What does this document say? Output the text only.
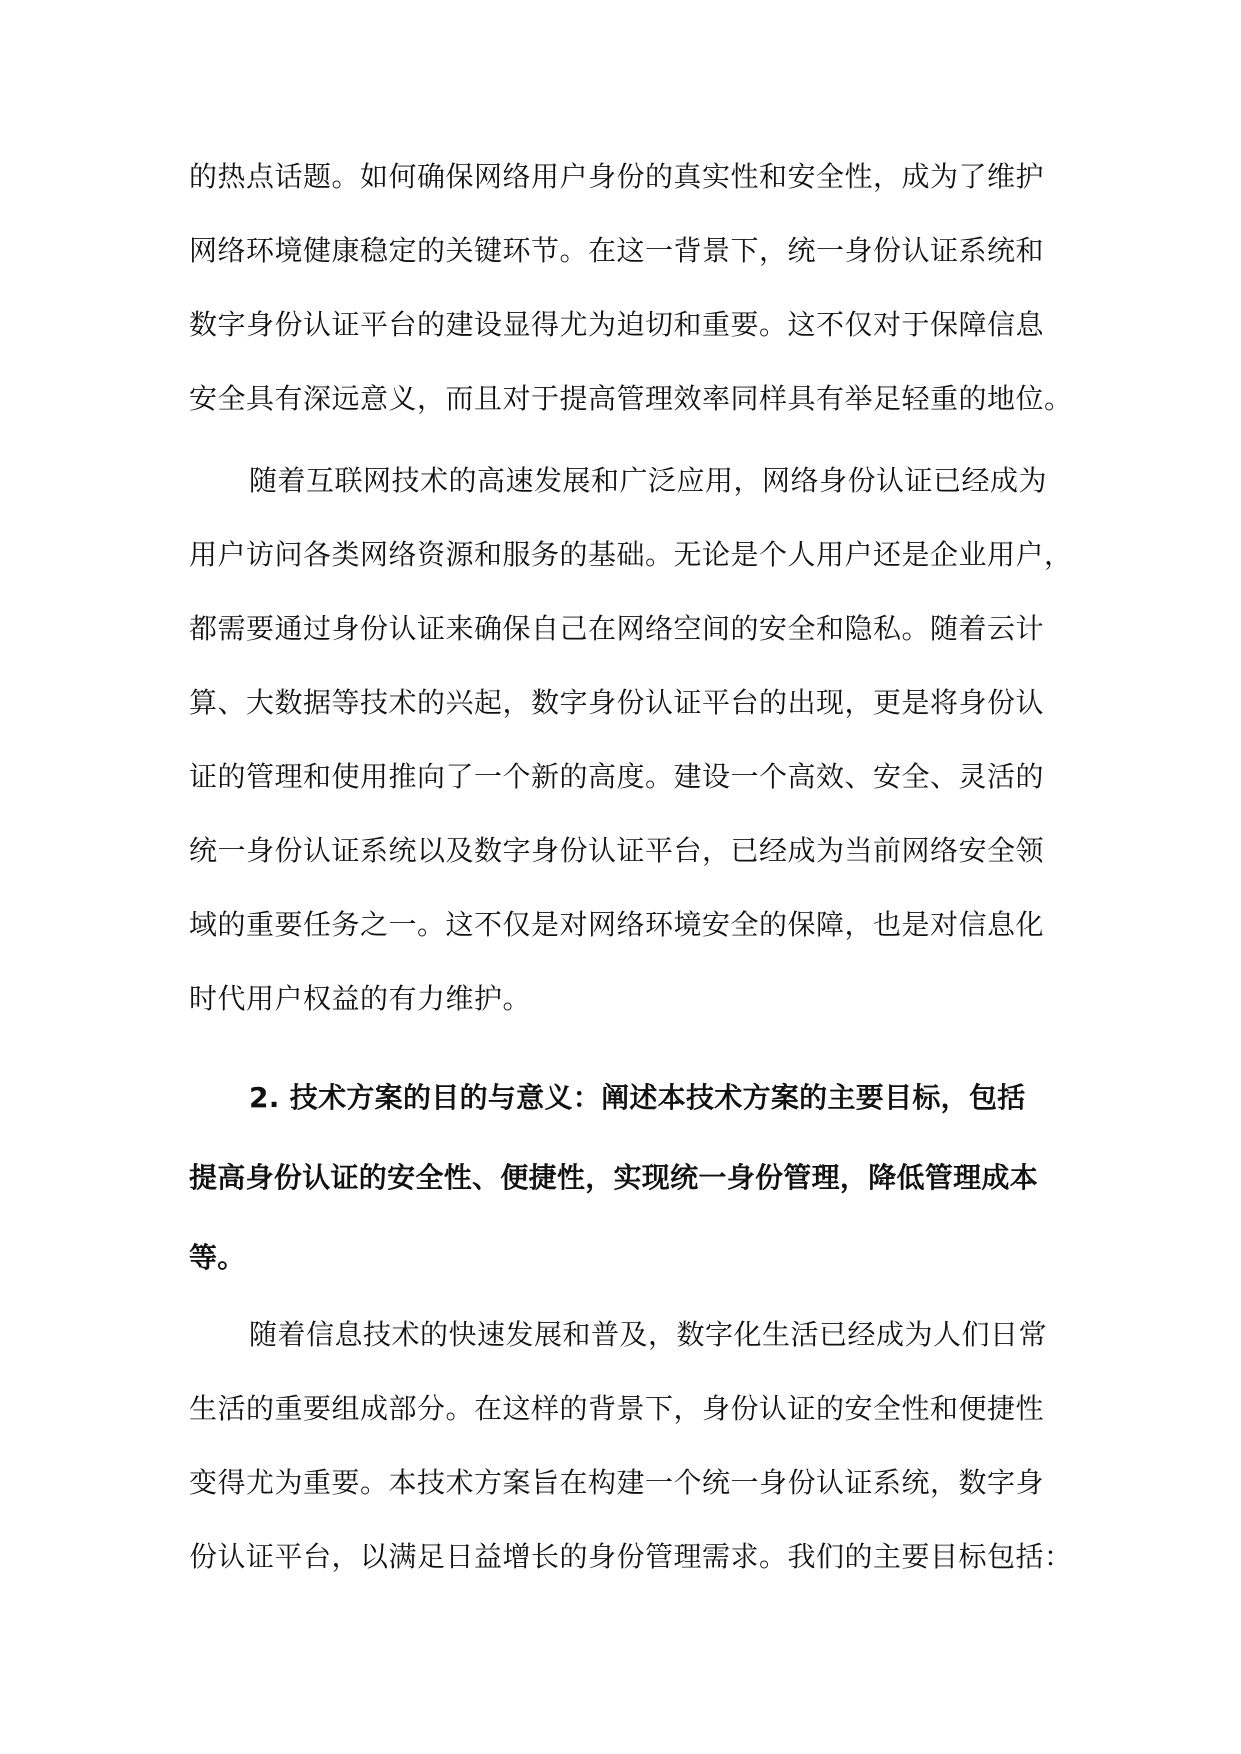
的热点话题。如何确保网络用户身份的真实性和安全性，成为了维护
网络环境健康稳定的关键环节。在这一背景下，统一身份认证系统和
数字身份认证平台的建设显得尤为迫切和重要。这不仅对于保障信息
安全具有深远意义，而且对于提高管理效率同样具有举足轻重的地位。
随着互联网技术的高速发展和广泛应用，网络身份认证已经成为
用户访问各类网络资源和服务的基础。无论是个人用户还是企业用户，
都需要通过身份认证来确保自己在网络空间的安全和隐私。随着云计
算、大数据等技术的兴起，数字身份认证平台的出现，更是将身份认
证的管理和使用推向了一个新的高度。建设一个高效、安全、灵活的
统一身份认证系统以及数字身份认证平台，已经成为当前网络安全领
域的重要任务之一。这不仅是对网络环境安全的保障，也是对信息化
时代用户权益的有力维护。
2. 技术方案的目的与意义：阐述本技术方案的主要目标，包括
提高身份认证的安全性、便捷性，实现统一身份管理，降低管理成本
等。
随着信息技术的快速发展和普及，数字化生活已经成为人们日常
生活的重要组成部分。在这样的背景下，身份认证的安全性和便捷性
变得尤为重要。本技术方案旨在构建一个统一身份认证系统，数字身
份认证平台，以满足日益增长的身份管理需求。我们的主要目标包括：
